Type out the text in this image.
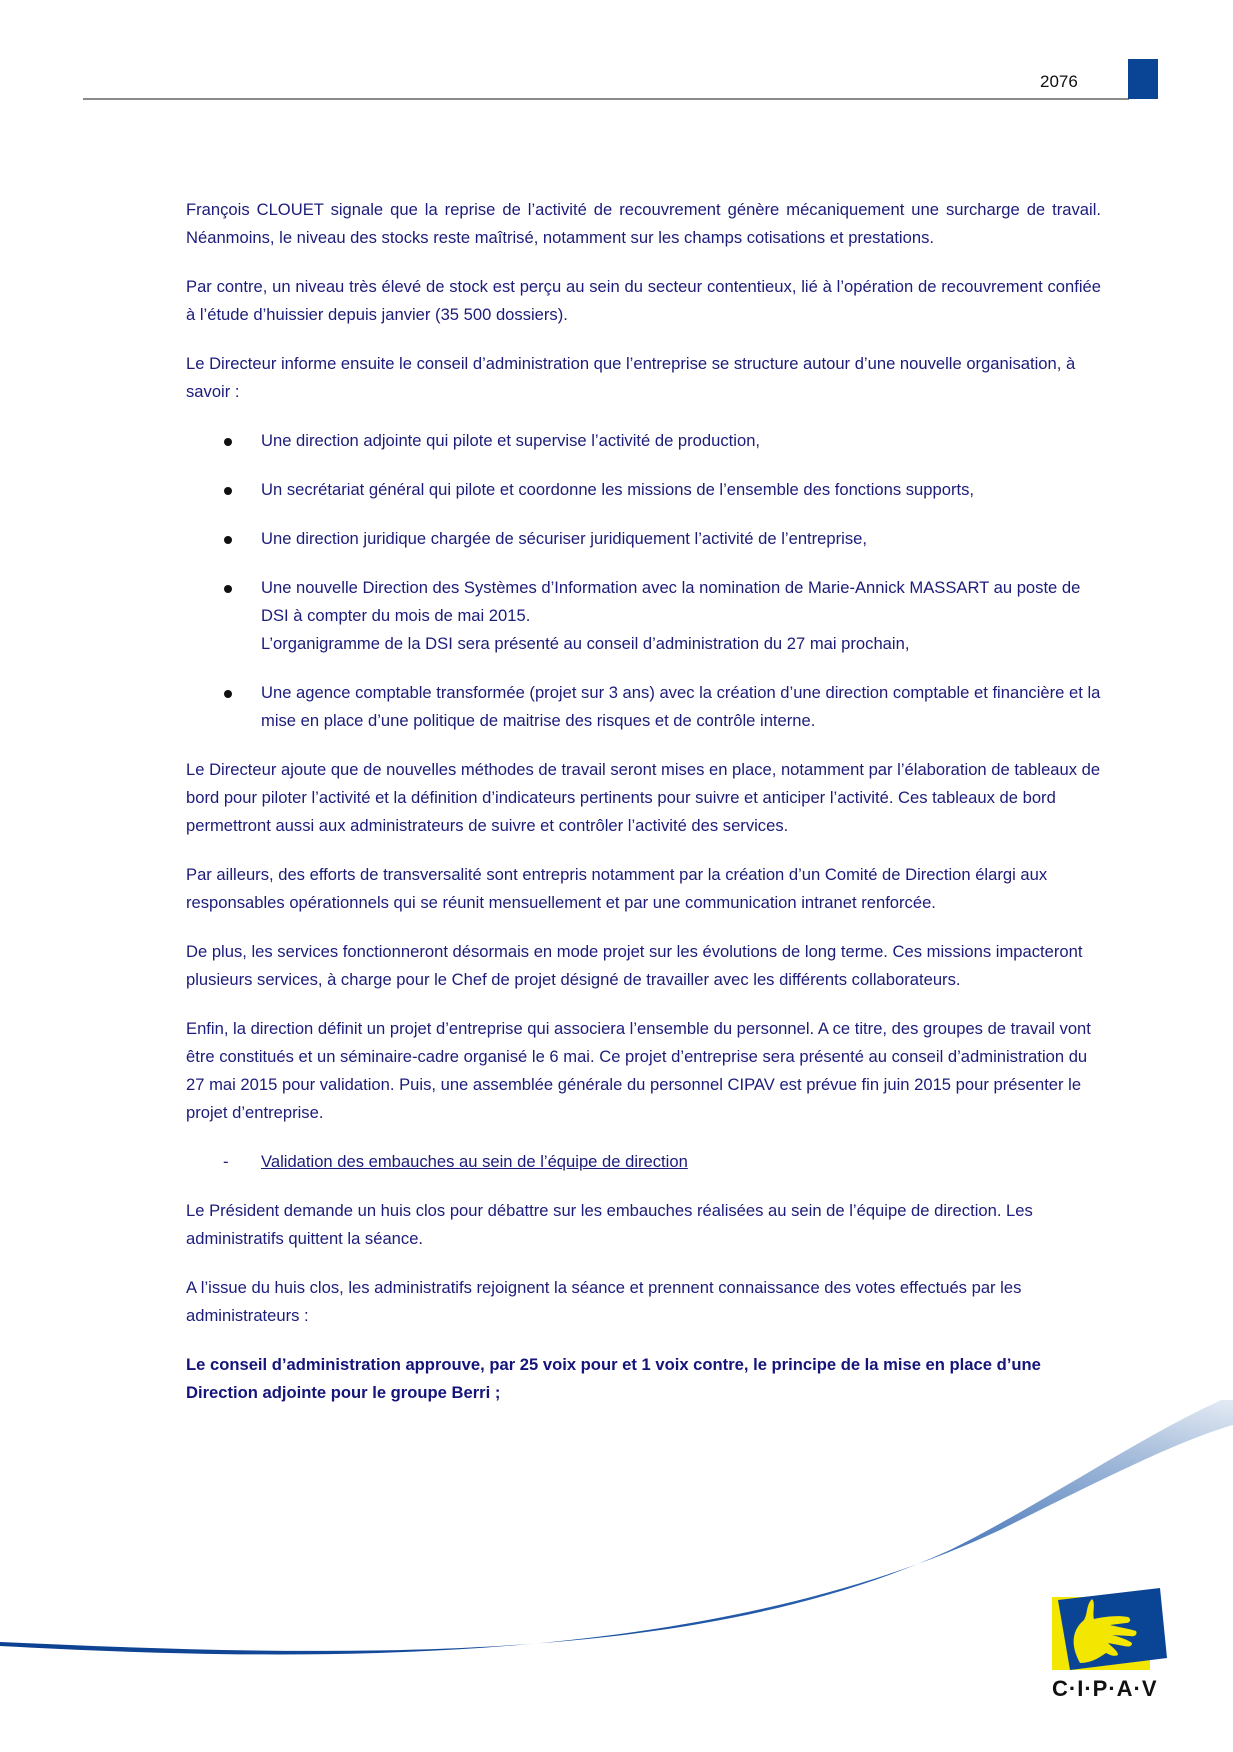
2076

François CLOUET signale que la reprise de l’activité de recouvrement génère mécaniquement une surcharge de travail. Néanmoins, le niveau des stocks reste maîtrisé, notamment sur les champs cotisations et prestations.

Par contre, un niveau très élevé de stock est perçu au sein du secteur contentieux, lié à l’opération de recouvrement confiée à l’étude d’huissier depuis janvier (35 500 dossiers).

Le Directeur informe ensuite le conseil d’administration que l’entreprise se structure autour d’une nouvelle organisation, à savoir :

Une direction adjointe qui pilote et supervise l’activité de production,
Un secrétariat général qui pilote et coordonne les missions de l’ensemble des fonctions supports,
Une direction juridique chargée de sécuriser juridiquement l’activité de l’entreprise,
Une nouvelle Direction des Systèmes d’Information avec la nomination de Marie-Annick MASSART au poste de DSI à compter du mois de mai 2015.
L’organigramme de la DSI sera présenté au conseil d’administration du 27 mai prochain,
Une agence comptable transformée (projet sur 3 ans) avec la création d’une direction comptable et financière et la mise en place d’une politique de maitrise des risques et de contrôle interne.

Le Directeur ajoute que de nouvelles méthodes de travail seront mises en place, notamment par l’élaboration de tableaux de bord pour piloter l’activité et la définition d’indicateurs pertinents pour suivre et anticiper l’activité. Ces tableaux de bord permettront aussi aux administrateurs de suivre et contrôler l’activité des services.

Par ailleurs, des efforts de transversalité sont entrepris notamment par la création d’un Comité de Direction élargi aux responsables opérationnels qui se réunit mensuellement et par une communication intranet renforcée.

De plus, les services fonctionneront désormais en mode projet sur les évolutions de long terme. Ces missions impacteront plusieurs services, à charge pour le Chef de projet désigné de travailler avec les différents collaborateurs.

Enfin, la direction définit un projet d’entreprise qui associera l’ensemble du personnel. A ce titre, des groupes de travail vont être constitués et un séminaire-cadre organisé le 6 mai. Ce projet d’entreprise sera présenté au conseil d’administration du 27 mai 2015 pour validation. Puis, une assemblée générale du personnel CIPAV est prévue fin juin 2015 pour présenter le projet d’entreprise.

- Validation des embauches au sein de l’équipe de direction

Le Président demande un huis clos pour débattre sur les embauches réalisées au sein de l’équipe de direction. Les administratifs quittent la séance.

A l’issue du huis clos, les administratifs rejoignent la séance et prennent connaissance des votes effectués par les administrateurs :

Le conseil d’administration approuve, par 25 voix pour et 1 voix contre, le principe de la mise en place d’une Direction adjointe pour le groupe Berri ;

C·I·P·A·V
